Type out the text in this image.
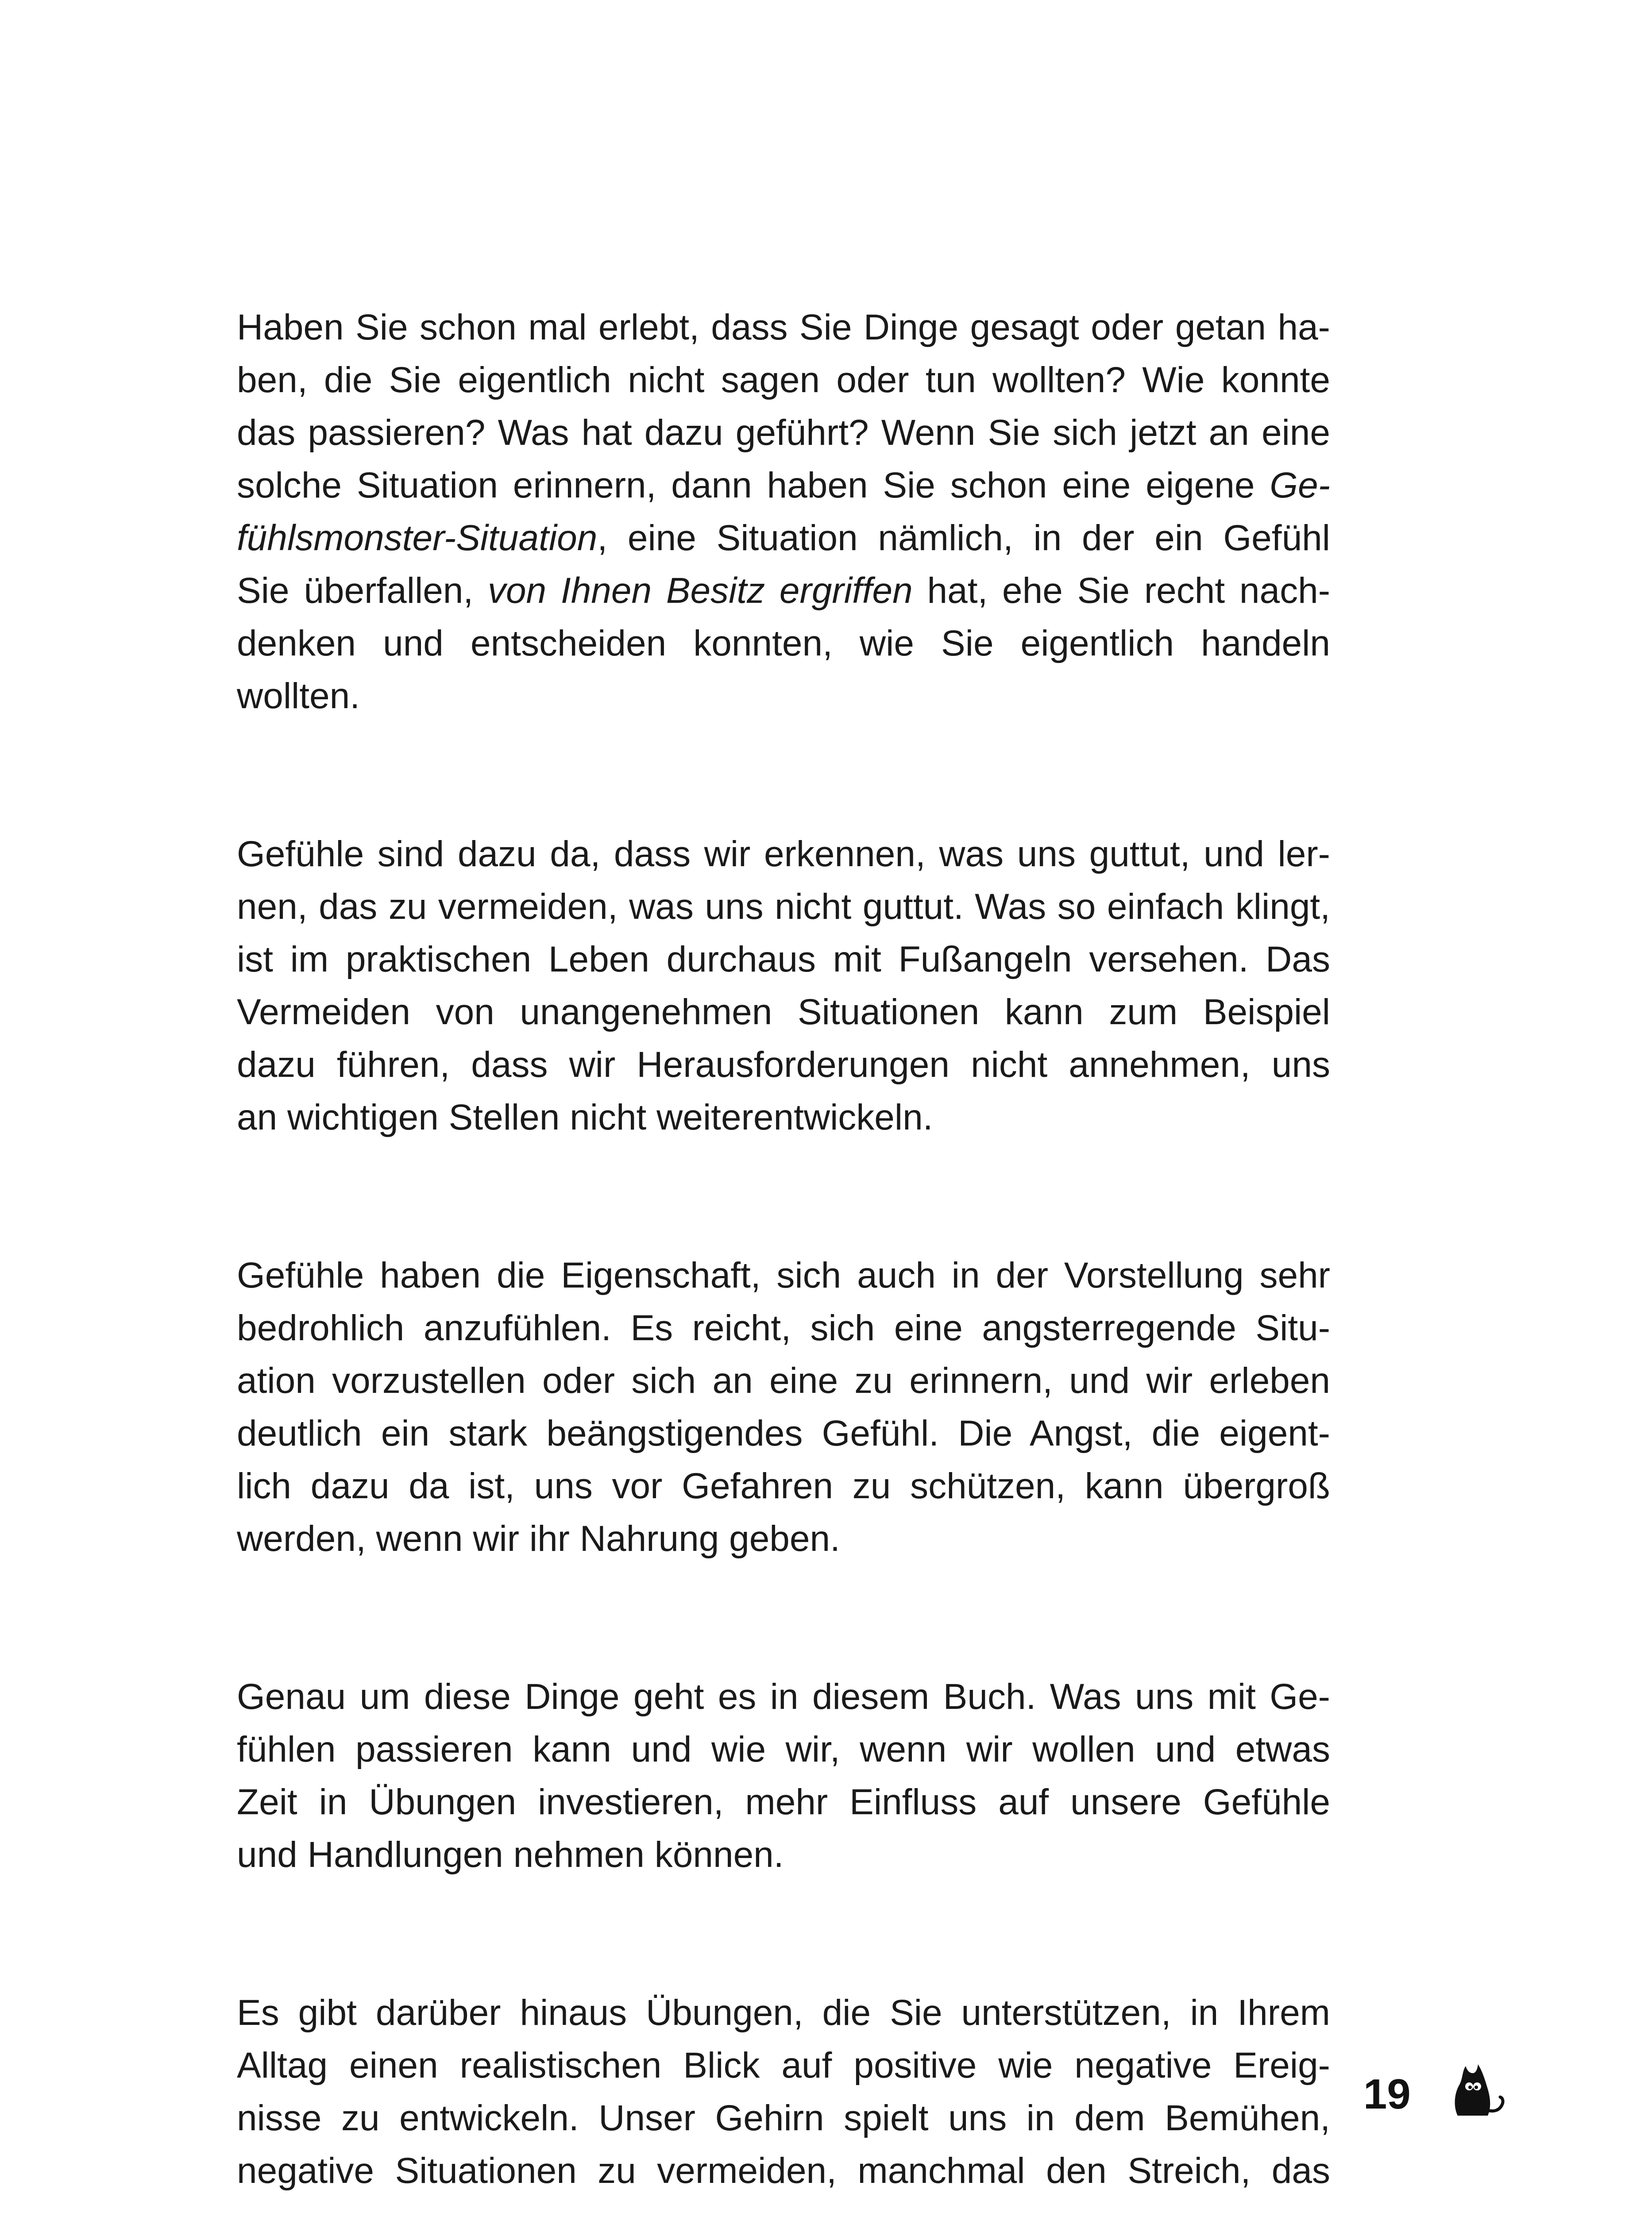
Haben Sie schon mal erlebt, dass Sie Dinge gesagt oder getan ha-
ben, die Sie eigentlich nicht sagen oder tun wollten? Wie konnte
das passieren? Was hat dazu geführt? Wenn Sie sich jetzt an eine
solche Situation erinnern, dann haben Sie schon eine eigene Ge-
fühlsmonster-Situation, eine Situation nämlich, in der ein Gefühl
Sie überfallen, von Ihnen Besitz ergriffen hat, ehe Sie recht nach-
denken und entscheiden konnten, wie Sie eigentlich handeln
wollten.
Gefühle sind dazu da, dass wir erkennen, was uns guttut, und ler-
nen, das zu vermeiden, was uns nicht guttut. Was so einfach klingt,
ist im praktischen Leben durchaus mit Fußangeln versehen. Das
Vermeiden von unangenehmen Situationen kann zum Beispiel
dazu führen, dass wir Herausforderungen nicht annehmen, uns
an wichtigen Stellen nicht weiterentwickeln.
Gefühle haben die Eigenschaft, sich auch in der Vorstellung sehr
bedrohlich anzufühlen. Es reicht, sich eine angsterregende Situ-
ation vorzustellen oder sich an eine zu erinnern, und wir erleben
deutlich ein stark beängstigendes Gefühl. Die Angst, die eigent-
lich dazu da ist, uns vor Gefahren zu schützen, kann übergroß
werden, wenn wir ihr Nahrung geben.
Genau um diese Dinge geht es in diesem Buch. Was uns mit Ge-
fühlen passieren kann und wie wir, wenn wir wollen und etwas
Zeit in Übungen investieren, mehr Einfluss auf unsere Gefühle
und Handlungen nehmen können.
Es gibt darüber hinaus Übungen, die Sie unterstützen, in Ihrem
Alltag einen realistischen Blick auf positive wie negative Ereig-
nisse zu entwickeln. Unser Gehirn spielt uns in dem Bemühen,
negative Situationen zu vermeiden, manchmal den Streich, das
19
